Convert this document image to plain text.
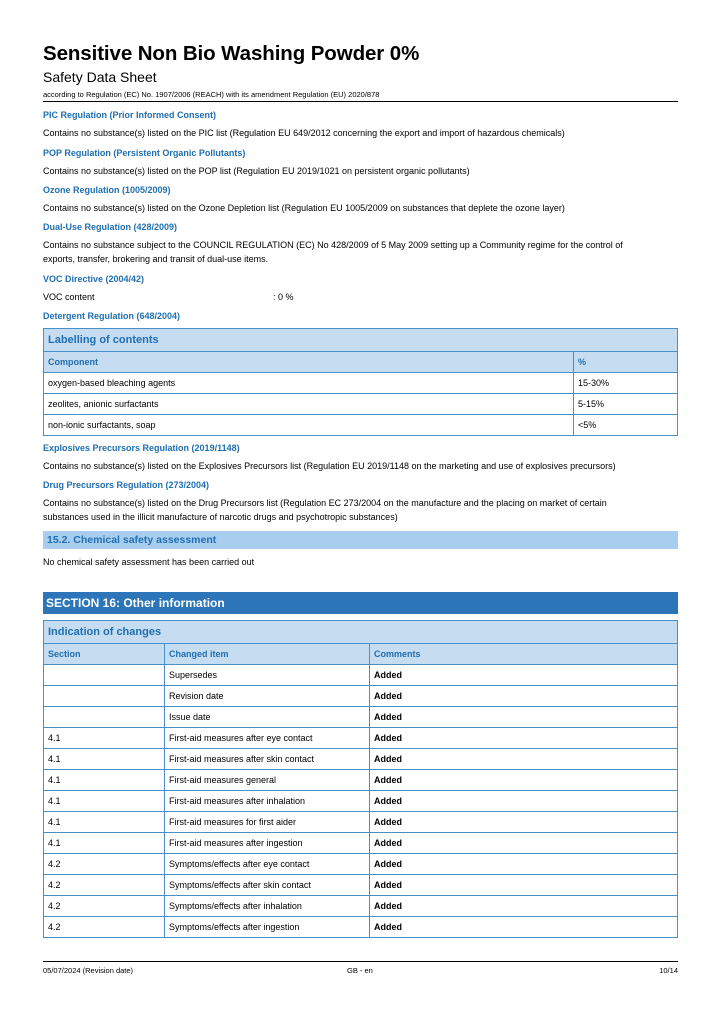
Sensitive Non Bio Washing Powder 0%
Safety Data Sheet
according to Regulation (EC) No. 1907/2006 (REACH) with its amendment Regulation (EU) 2020/878
PIC Regulation (Prior Informed Consent)
Contains no substance(s) listed on the PIC list (Regulation EU 649/2012 concerning the export and import of hazardous chemicals)
POP Regulation (Persistent Organic Pollutants)
Contains no substance(s) listed on the POP list (Regulation EU 2019/1021 on persistent organic pollutants)
Ozone Regulation (1005/2009)
Contains no substance(s) listed on the Ozone Depletion list (Regulation EU 1005/2009 on substances that deplete the ozone layer)
Dual-Use Regulation (428/2009)
Contains no substance subject to the COUNCIL REGULATION (EC) No 428/2009 of 5 May 2009 setting up a Community regime for the control of
exports, transfer, brokering and transit of dual-use items.
VOC Directive (2004/42)
VOC content	: 0 %
Detergent Regulation (648/2004)
Labelling of contents	
Component	%
oxygen-based bleaching agents	15-30%
zeolites, anionic surfactants	5-15%
non-ionic surfactants, soap	<5%
Explosives Precursors Regulation (2019/1148)
Contains no substance(s) listed on the Explosives Precursors list (Regulation EU 2019/1148 on the marketing and use of explosives precursors)
Drug Precursors Regulation (273/2004)
Contains no substance(s) listed on the Drug Precursors list (Regulation EC 273/2004 on the manufacture and the placing on market of certain
substances used in the illicit manufacture of narcotic drugs and psychotropic substances)
15.2. Chemical safety assessment
No chemical safety assessment has been carried out
SECTION 16: Other information
Indication of changes		
Section	Changed item	Comments
	Supersedes	Added
	Revision date	Added
	Issue date	Added
4.1	First-aid measures after eye contact	Added
4.1	First-aid measures after skin contact	Added
4.1	First-aid measures general	Added
4.1	First-aid measures after inhalation	Added
4.1	First-aid measures for first aider	Added
4.1	First-aid measures after ingestion	Added
4.2	Symptoms/effects after eye contact	Added
4.2	Symptoms/effects after skin contact	Added
4.2	Symptoms/effects after inhalation	Added
4.2	Symptoms/effects after ingestion	Added
05/07/2024 (Revision date)	GB - en	10/14
